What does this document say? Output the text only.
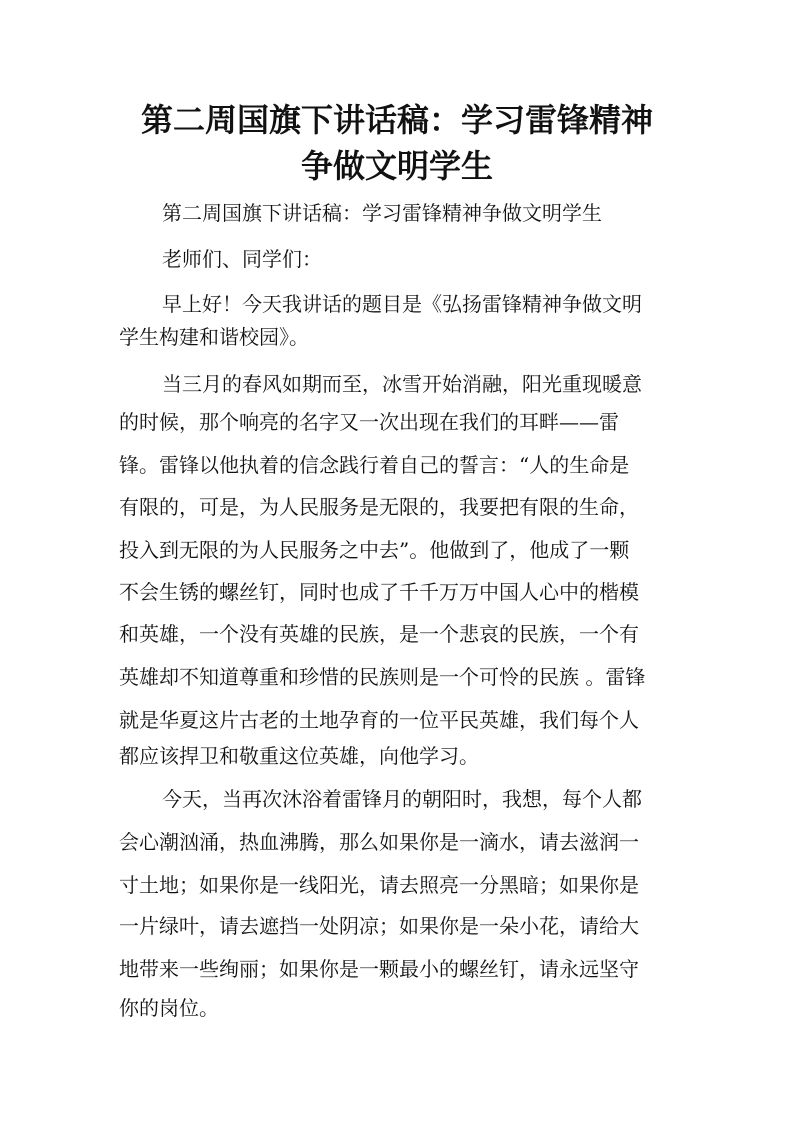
第二周国旗下讲话稿：学习雷锋精神
争做文明学生
第二周国旗下讲话稿：学习雷锋精神争做文明学生
老师们、同学们：
早上好！今天我讲话的题目是《弘扬雷锋精神争做文明
学生构建和谐校园》。
当三月的春风如期而至，冰雪开始消融，阳光重现暖意
的时候，那个响亮的名字又一次出现在我们的耳畔——雷
锋。雷锋以他执着的信念践行着自己的誓言：“人的生命是
有限的，可是，为人民服务是无限的，我要把有限的生命，
投入到无限的为人民服务之中去”。他做到了，他成了一颗
不会生锈的螺丝钉，同时也成了千千万万中国人心中的楷模
和英雄，一个没有英雄的民族，是一个悲哀的民族，一个有
英雄却不知道尊重和珍惜的民族则是一个可怜的民族 。雷锋
就是华夏这片古老的土地孕育的一位平民英雄，我们每个人
都应该捍卫和敬重这位英雄，向他学习。
今天，当再次沐浴着雷锋月的朝阳时，我想，每个人都
会心潮汹涌，热血沸腾，那么如果你是一滴水，请去滋润一
寸土地；如果你是一线阳光，请去照亮一分黑暗；如果你是
一片绿叶，请去遮挡一处阴凉；如果你是一朵小花，请给大
地带来一些绚丽；如果你是一颗最小的螺丝钉，请永远坚守
你的岗位。
